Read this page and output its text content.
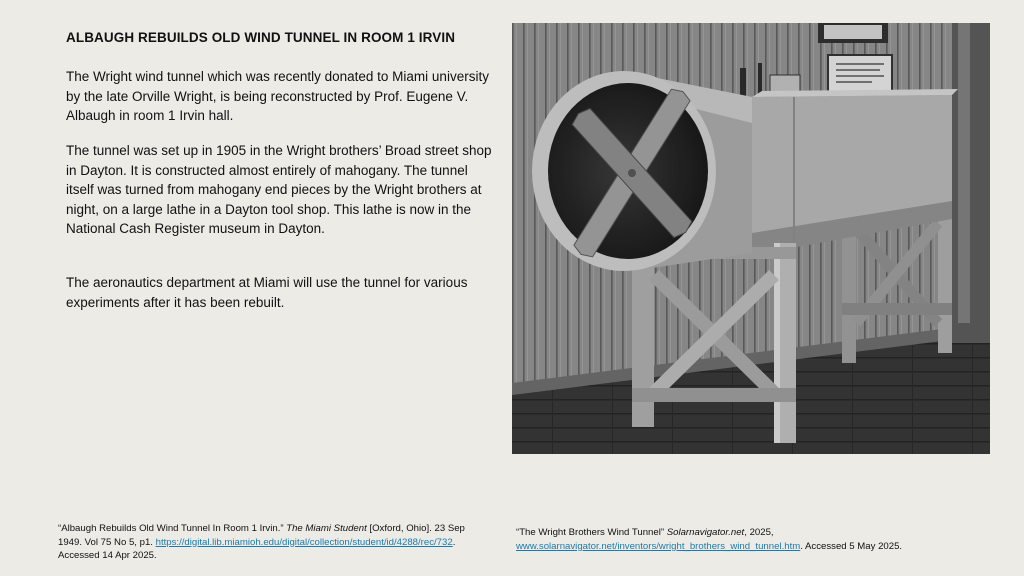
ALBAUGH REBUILDS OLD WIND TUNNEL IN ROOM 1 IRVIN

The Wright wind tunnel which was recently donated to Miami university by the late Orville Wright, is being reconstructed by Prof. Eugene V. Albaugh in room 1 Irvin hall.

The tunnel was set up in 1905 in the Wright brothers’ Broad street shop in Dayton. It is constructed almost entirely of mahogany. The tunnel itself was turned from mahogany end pieces by the Wright brothers at night, on a large lathe in a Dayton tool shop. This lathe is now in the National Cash Register museum in Dayton.

The aeronautics department at Miami will use the tunnel for various experiments after it has been rebuilt.

“Albaugh Rebuilds Old Wind Tunnel In Room 1 Irvin.” The Miami Student [Oxford, Ohio]. 23 Sep 1949. Vol 75 No 5, p1. https://digital.lib.miamioh.edu/digital/collection/student/id/4288/rec/732. Accessed 14 Apr 2025.
“The Wright Brothers Wind Tunnel” Solarnavigator.net, 2025, www.solarnavigator.net/inventors/wright_brothers_wind_tunnel.htm. Accessed 5 May 2025.
